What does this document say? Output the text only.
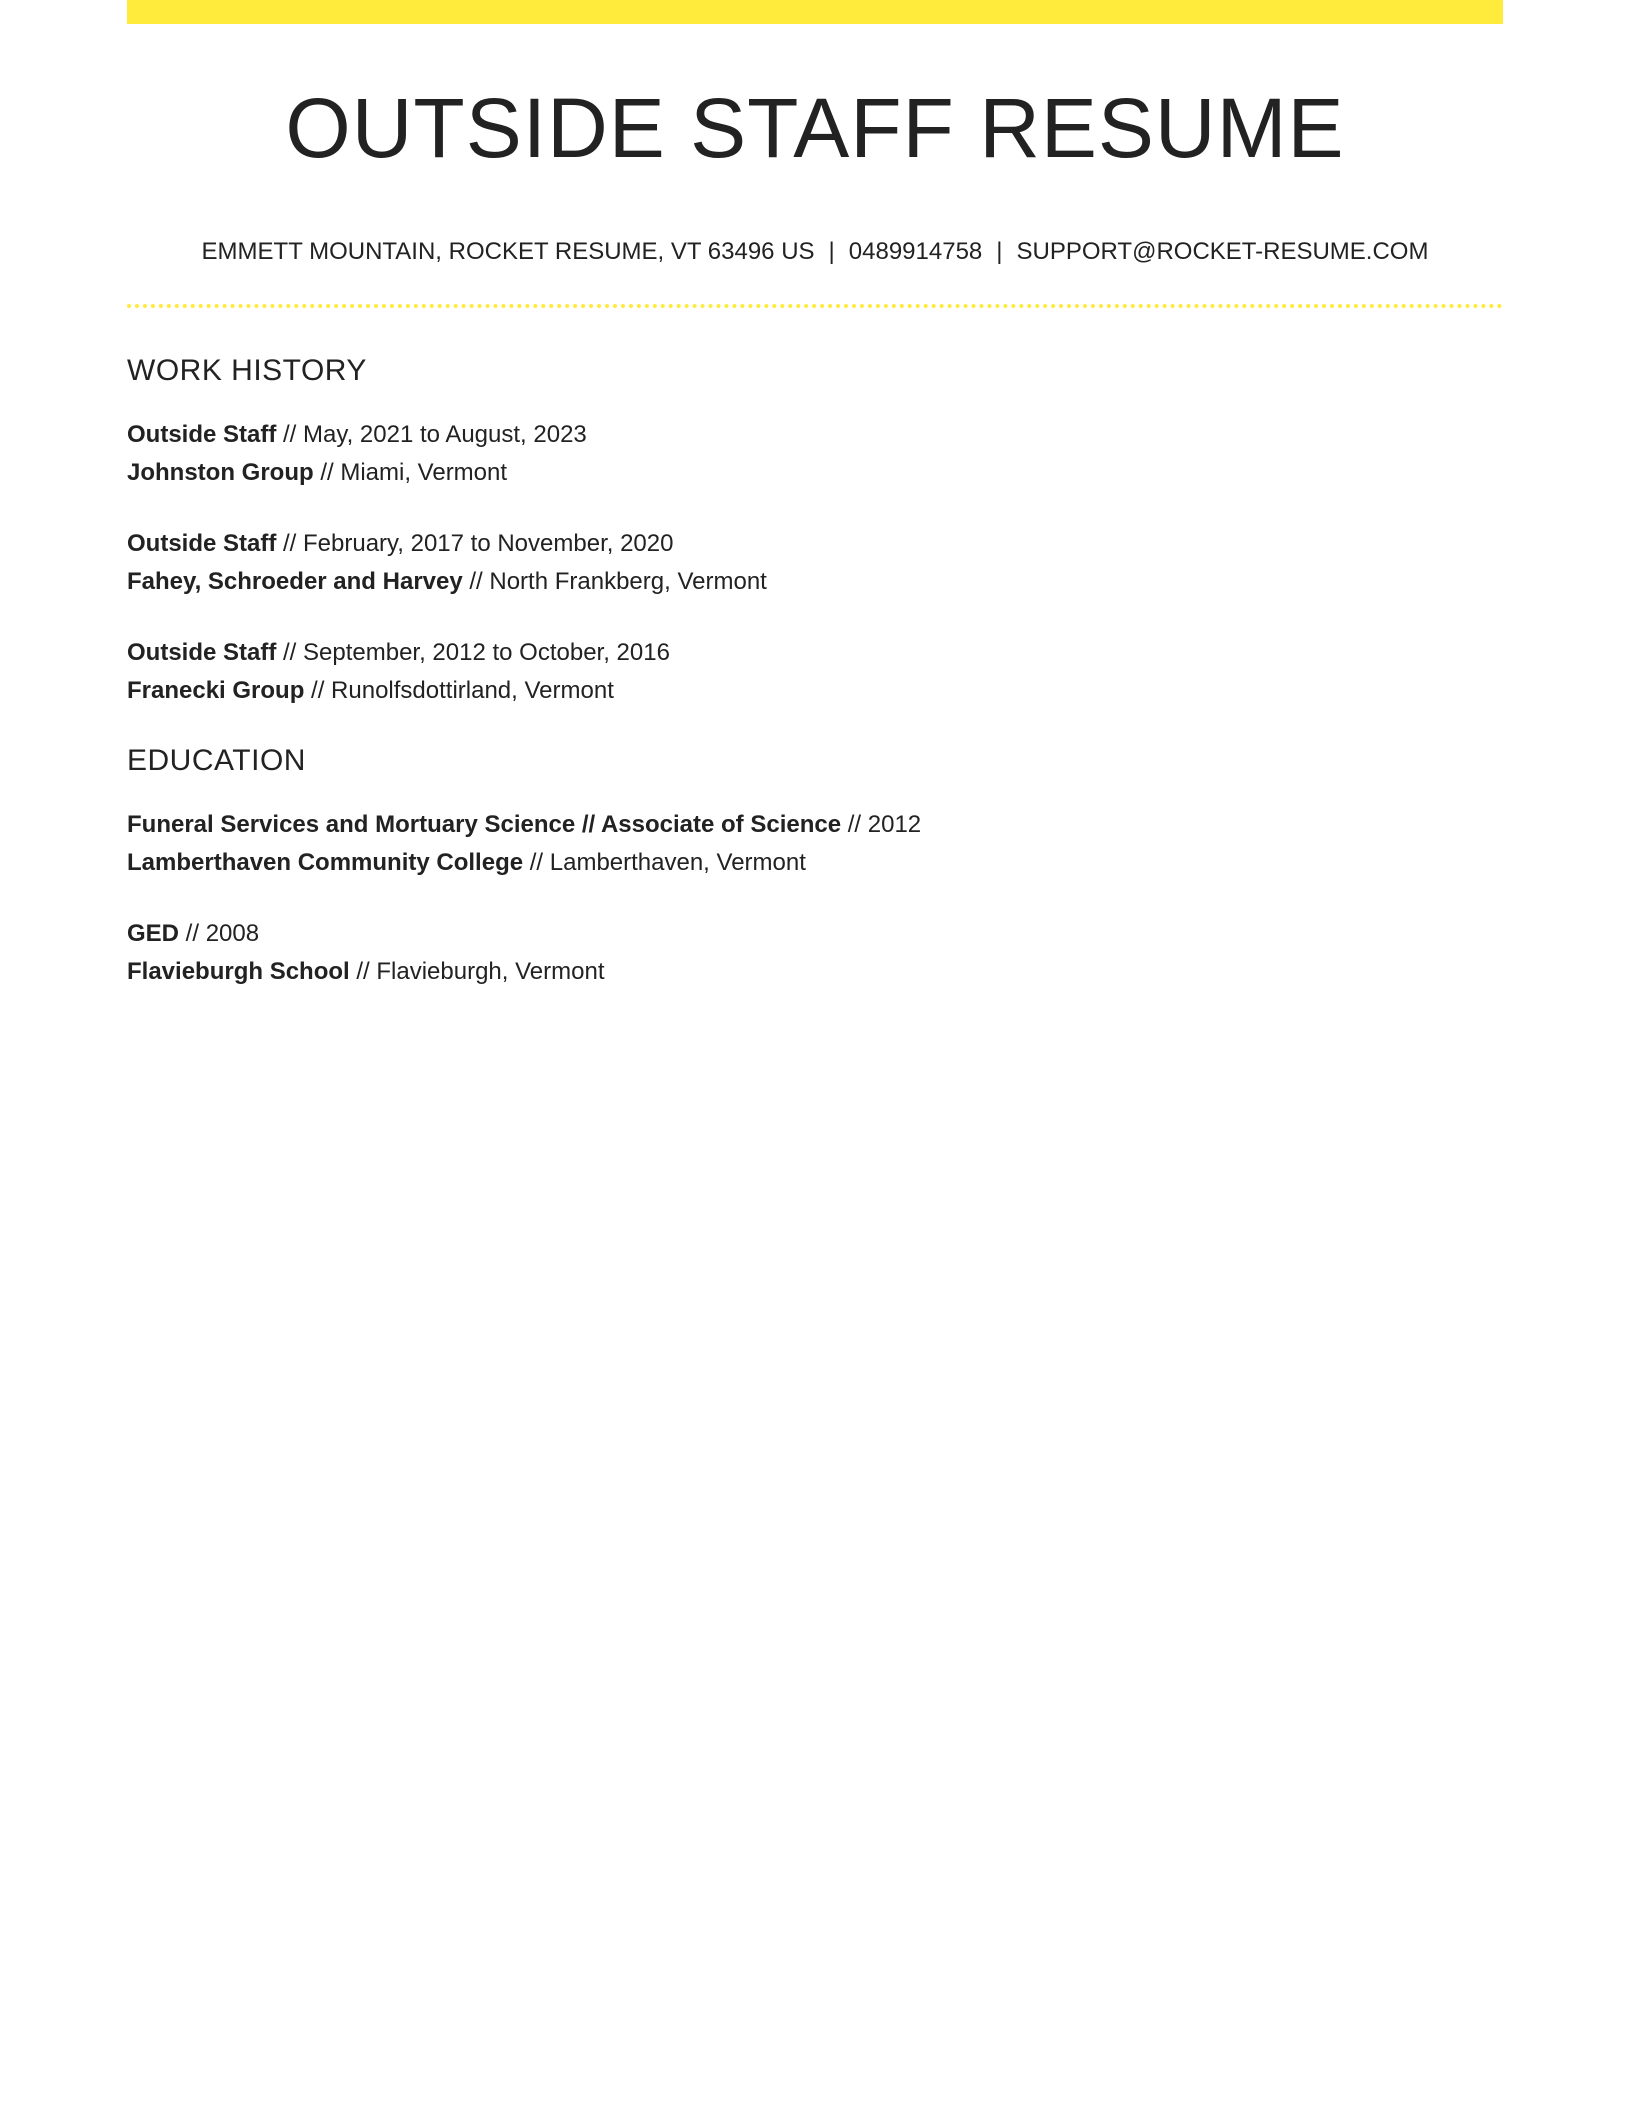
OUTSIDE STAFF RESUME
EMMETT MOUNTAIN, ROCKET RESUME, VT 63496 US | 0489914758 | SUPPORT@ROCKET-RESUME.COM
WORK HISTORY
Outside Staff // May, 2021 to August, 2023
Johnston Group // Miami, Vermont
Outside Staff // February, 2017 to November, 2020
Fahey, Schroeder and Harvey // North Frankberg, Vermont
Outside Staff // September, 2012 to October, 2016
Franecki Group // Runolfsdottirland, Vermont
EDUCATION
Funeral Services and Mortuary Science // Associate of Science // 2012
Lamberthaven Community College // Lamberthaven, Vermont
GED // 2008
Flavieburgh School // Flavieburgh, Vermont
